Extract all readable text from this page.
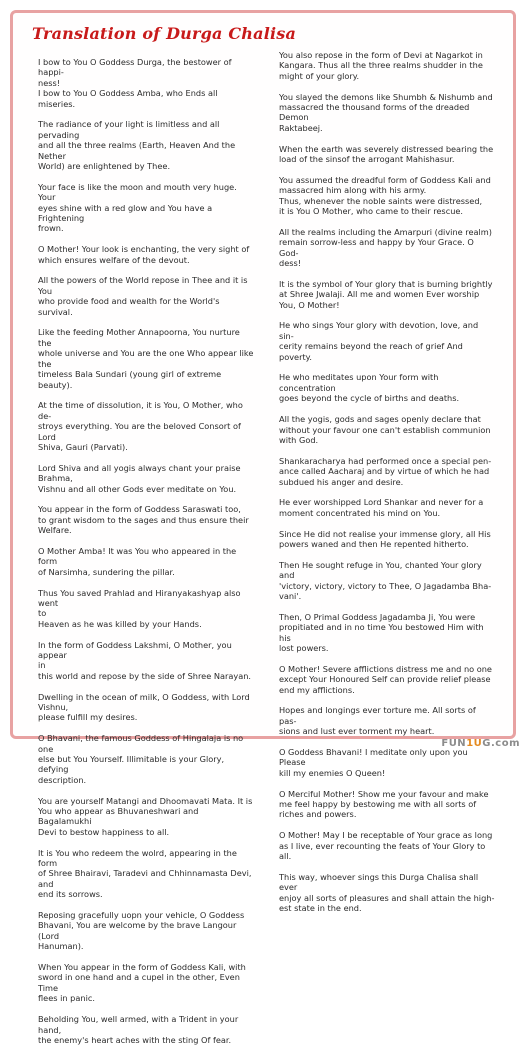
Translation of Durga Chalisa

I bow to You O Goddess Durga, the bestower of happi-
ness!
I bow to You O Goddess Amba, who Ends all miseries.

The radiance of your light is limitless and all pervading
and all the three realms (Earth, Heaven And the Nether
World) are enlightened by Thee.

Your face is like the moon and mouth very huge. Your
eyes shine with a red glow and You have a Frightening
frown.

O Mother! Your look is enchanting, the very sight of
which ensures welfare of the devout.

All the powers of the World repose in Thee and it is You
who provide food and wealth for the World's survival.

Like the feeding Mother Annapoorna, You nurture the
whole universe and You are the one Who appear like the
timeless Bala Sundari (young girl of extreme beauty).

At the time of dissolution, it is You, O Mother, who de-
stroys everything. You are the beloved Consort of Lord
Shiva, Gauri (Parvati).

Lord Shiva and all yogis always chant your praise
Brahma,
Vishnu and all other Gods ever meditate on You.

You appear in the form of Goddess Saraswati too,
to grant wisdom to the sages and thus ensure their
Welfare.

O Mother Amba! It was You who appeared in the form
of Narsimha, sundering the pillar.

Thus You saved Prahlad and Hiranyakashyap also went
to
Heaven as he was killed by your Hands.

In the form of Goddess Lakshmi, O Mother, you appear
in
this world and repose by the side of Shree Narayan.

Dwelling in the ocean of milk, O Goddess, with Lord
Vishnu,
please fulfill my desires.

O Bhavani, the famous Goddess of Hingalaja is no one
else but You Yourself. Illimitable is your Glory, defying
description.

You are yourself Matangi and Dhoomavati Mata. It is
You who appear as Bhuvaneshwari and Bagalamukhi
Devi to bestow happiness to all.

It is You who redeem the wolrd, appearing in the form
of Shree Bhairavi, Taradevi and Chhinnamasta Devi, and
end its sorrows.

Reposing gracefully uopn your vehicle, O Goddess
Bhavani, You are welcome by the brave Langour (Lord
Hanuman).

When You appear in the form of Goddess Kali, with
sword in one hand and a cupel in the other, Even Time
flees in panic.

Beholding You, well armed, with a Trident in your hand,
the enemy's heart aches with the sting Of fear.

You also repose in the form of Devi at Nagarkot in
Kangara. Thus all the three realms shudder in the
might of your glory.

You slayed the demons like Shumbh & Nishumb and
massacred the thousand forms of the dreaded Demon
Raktabeej.

When the earth was severely distressed bearing the
load of the sinsof the arrogant Mahishasur.

You assumed the dreadful form of Goddess Kali and
massacred him along with his army.
Thus, whenever the noble saints were distressed,
it is You O Mother, who came to their rescue.

All the realms including the Amarpuri (divine realm)
remain sorrow-less and happy by Your Grace. O God-
dess!

It is the symbol of Your glory that is burning brightly
at Shree Jwalaji. All me and women Ever worship
You, O Mother!

He who sings Your glory with devotion, love, and sin-
cerity remains beyond the reach of grief And poverty.

He who meditates upon Your form with concentration
goes beyond the cycle of births and deaths.

All the yogis, gods and sages openly declare that
without your favour one can't establish communion
with God.

Shankaracharya had performed once a special pen-
ance called Aacharaj and by virtue of which he had
subdued his anger and desire.

He ever worshipped Lord Shankar and never for a
moment concentrated his mind on You.

Since He did not realise your immense glory, all His
powers waned and then He repented hitherto.

Then He sought refuge in You, chanted Your glory and
'victory, victory, victory to Thee, O Jagadamba Bha-
vani'.

Then, O Primal Goddess Jagadamba Ji, You were
propitiated and in no time You bestowed Him with his
lost powers.

O Mother! Severe afflictions distress me and no one
except Your Honoured Self can provide relief please
end my afflictions.

Hopes and longings ever torture me. All sorts of pas-
sions and lust ever torment my heart.

O Goddess Bhavani! I meditate only upon you Please
kill my enemies O Queen!

O Merciful Mother! Show me your favour and make
me feel happy by bestowing me with all sorts of
riches and powers.

O Mother! May I be receptable of Your grace as long
as I live, ever recounting the feats of Your Glory to
all.

This way, whoever sings this Durga Chalisa shall ever
enjoy all sorts of pleasures and shall attain the high-
est state in the end.

FUN1UG.com
